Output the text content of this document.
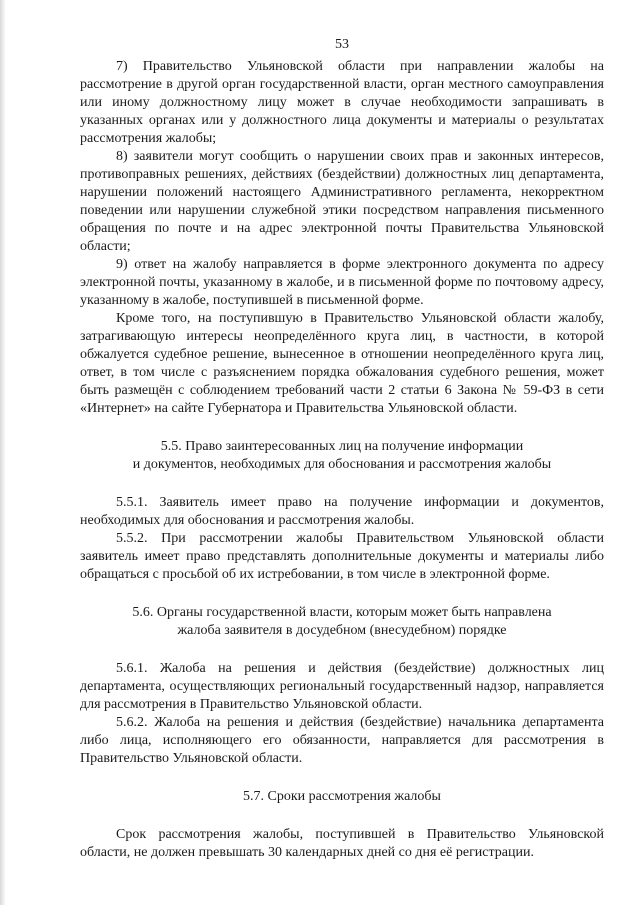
53

7) Правительство Ульяновской области при направлении жалобы на рассмотрение в другой орган государственной власти, орган местного самоуправления или иному должностному лицу может в случае необходимости запрашивать в указанных органах или у должностного лица документы и материалы о результатах рассмотрения жалобы;

8) заявители могут сообщить о нарушении своих прав и законных интересов, противоправных решениях, действиях (бездействии) должностных лиц департамента, нарушении положений настоящего Административного регламента, некорректном поведении или нарушении служебной этики посредством направления письменного обращения по почте и на адрес электронной почты Правительства Ульяновской области;

9) ответ на жалобу направляется в форме электронного документа по адресу электронной почты, указанному в жалобе, и в письменной форме по почтовому адресу, указанному в жалобе, поступившей в письменной форме.

Кроме того, на поступившую в Правительство Ульяновской области жалобу, затрагивающую интересы неопределённого круга лиц, в частности, в которой обжалуется судебное решение, вынесенное в отношении неопределённого круга лиц, ответ, в том числе с разъяснением порядка обжалования судебного решения, может быть размещён с соблюдением требований части 2 статьи 6 Закона № 59-ФЗ в сети «Интернет» на сайте Губернатора и Правительства Ульяновской области.

5.5. Право заинтересованных лиц на получение информации
и документов, необходимых для обоснования и рассмотрения жалобы

5.5.1. Заявитель имеет право на получение информации и документов, необходимых для обоснования и рассмотрения жалобы.

5.5.2. При рассмотрении жалобы Правительством Ульяновской области заявитель имеет право представлять дополнительные документы и материалы либо обращаться с просьбой об их истребовании, в том числе в электронной форме.

5.6. Органы государственной власти, которым может быть направлена
жалоба заявителя в досудебном (внесудебном) порядке

5.6.1. Жалоба на решения и действия (бездействие) должностных лиц департамента, осуществляющих региональный государственный надзор, направляется для рассмотрения в Правительство Ульяновской области.

5.6.2. Жалоба на решения и действия (бездействие) начальника департамента либо лица, исполняющего его обязанности, направляется для рассмотрения в Правительство Ульяновской области.

5.7. Сроки рассмотрения жалобы

Срок рассмотрения жалобы, поступившей в Правительство Ульяновской области, не должен превышать 30 календарных дней со дня её регистрации.
